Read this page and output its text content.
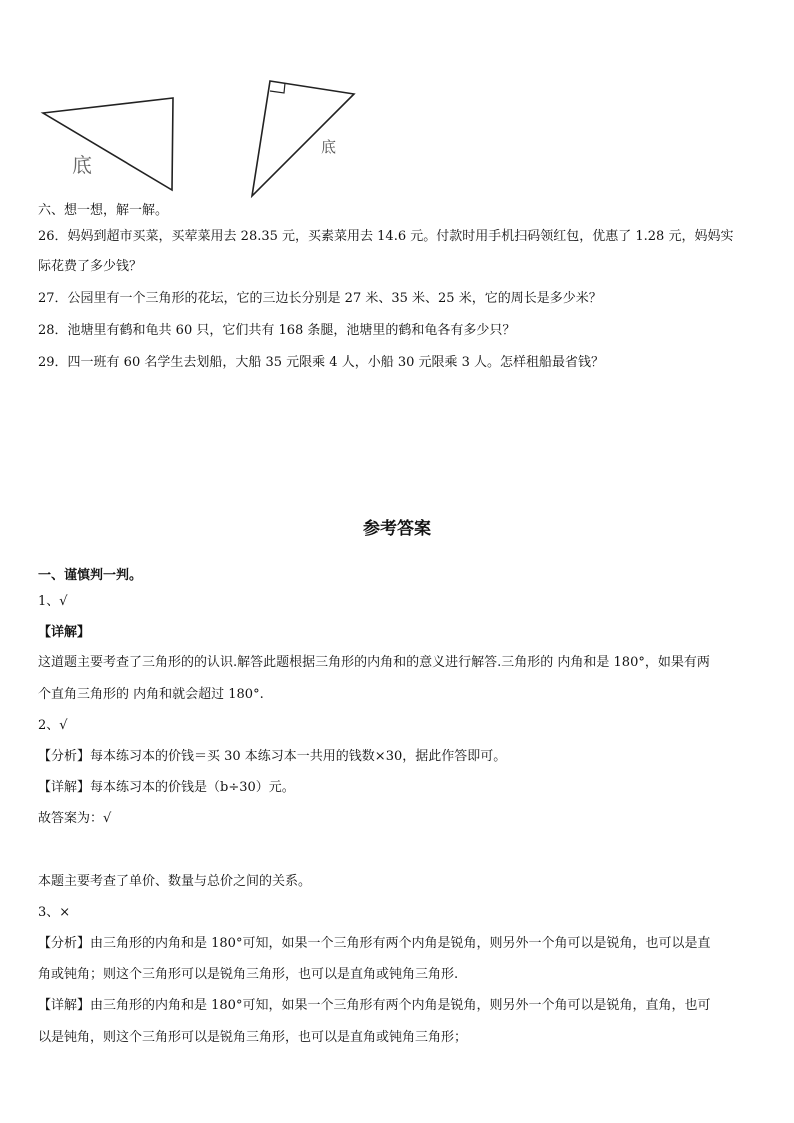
底
底
六、想一想，解一解。
26．妈妈到超市买菜，买荤菜用去 28.35 元，买素菜用去 14.6 元。付款时用手机扫码领红包，优惠了 1.28 元，妈妈实
际花费了多少钱？
27．公园里有一个三角形的花坛，它的三边长分别是 27 米、35 米、25 米，它的周长是多少米？
28．池塘里有鹤和龟共 60 只，它们共有 168 条腿，池塘里的鹤和龟各有多少只？
29．四一班有 60 名学生去划船，大船 35 元限乘 4 人，小船 30 元限乘 3 人。怎样租船最省钱？
参考答案
一、谨慎判一判。
1、√
【详解】
这道题主要考查了三角形的的认识.解答此题根据三角形的内角和的意义进行解答.三角形的 内角和是 180°，如果有两
个直角三角形的 内角和就会超过 180°.
2、√
【分析】每本练习本的价钱＝买 30 本练习本一共用的钱数×30，据此作答即可。
【详解】每本练习本的价钱是（b÷30）元。
故答案为：√
本题主要考查了单价、数量与总价之间的关系。
3、×
【分析】由三角形的内角和是 180°可知，如果一个三角形有两个内角是锐角，则另外一个角可以是锐角，也可以是直
角或钝角；则这个三角形可以是锐角三角形，也可以是直角或钝角三角形.
【详解】由三角形的内角和是 180°可知，如果一个三角形有两个内角是锐角，则另外一个角可以是锐角，直角，也可
以是钝角，则这个三角形可以是锐角三角形，也可以是直角或钝角三角形；
